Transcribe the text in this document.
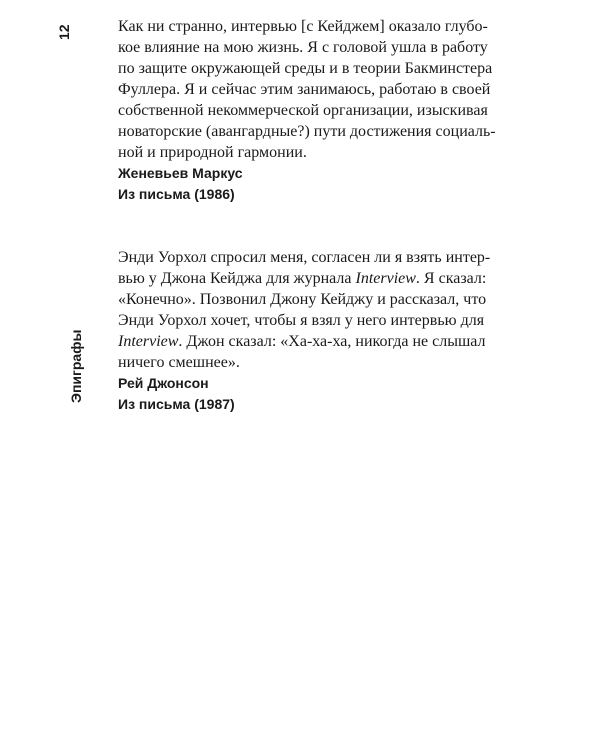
12
Эпиграфы

Как ни странно, интервью [с Кейджем] оказало глубо-
кое влияние на мою жизнь. Я с головой ушла в работу
по защите окружающей среды и в теории Бакминстера
Фуллера. Я и сейчас этим занимаюсь, работаю в своей
собственной некоммерческой организации, изыскивая
новаторские (авангардные?) пути достижения социаль-
ной и природной гармонии.

Женевьев Маркус
Из письма (1986)

Энди Уорхол спросил меня, согласен ли я взять интер-
вью у Джона Кейджа для журнала Interview. Я сказал:
«Конечно». Позвонил Джону Кейджу и рассказал, что
Энди Уорхол хочет, чтобы я взял у него интервью для
Interview. Джон сказал: «Ха-ха-ха, никогда не слышал
ничего смешнее».

Рей Джонсон
Из письма (1987)
